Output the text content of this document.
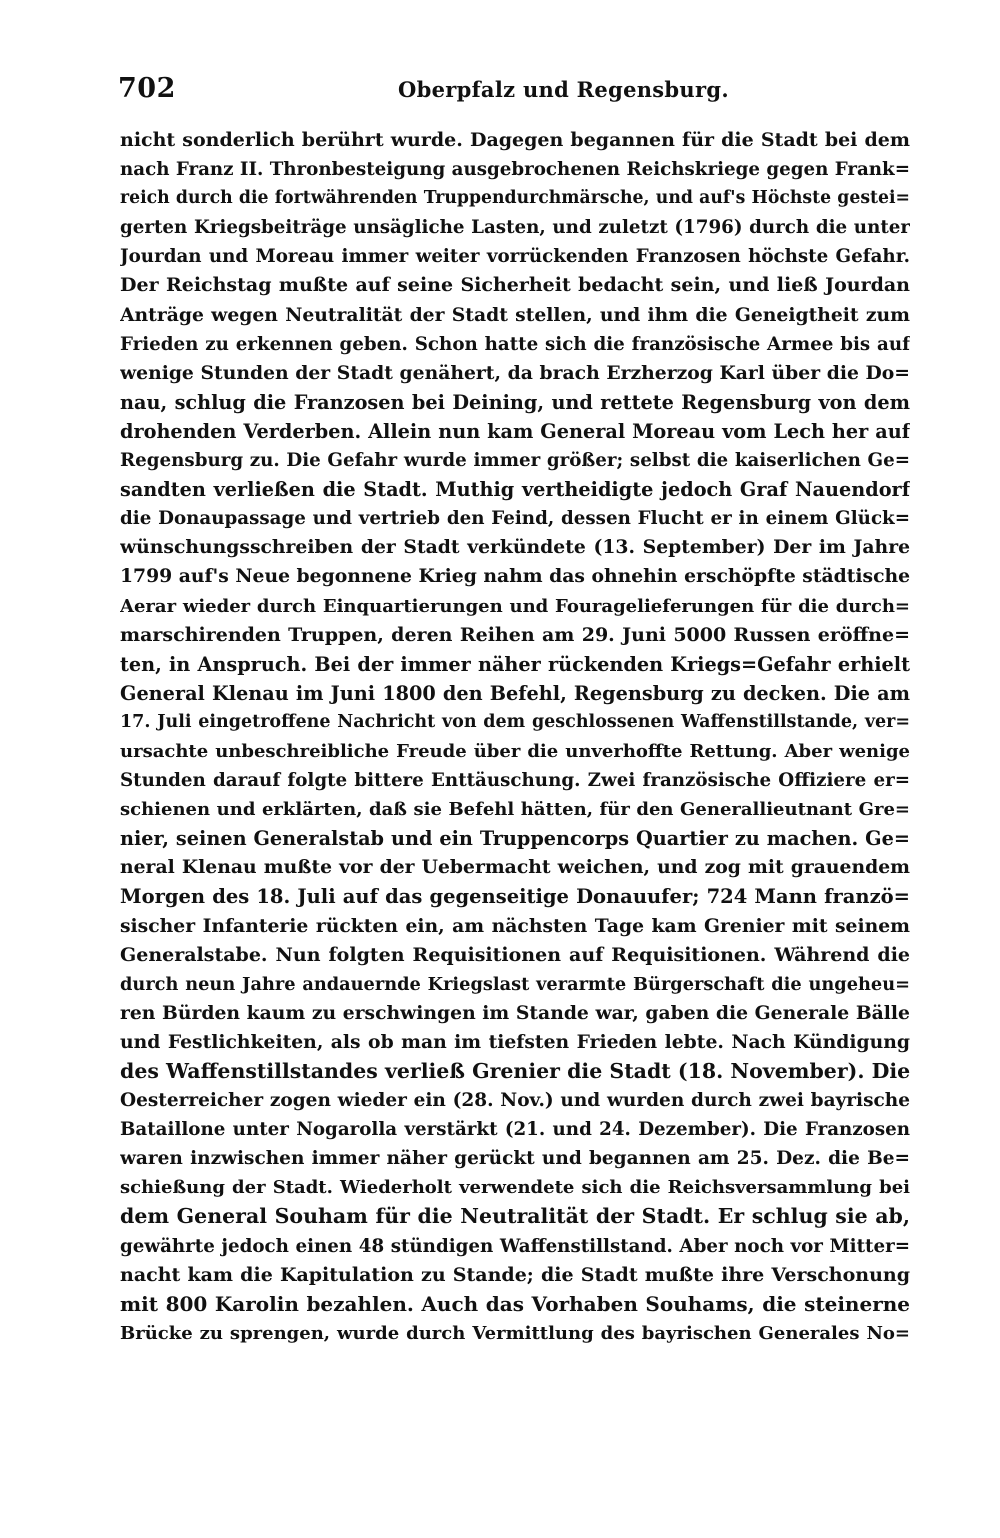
702	Oberpfalz und Regensburg.
nicht sonderlich berührt wurde. Dagegen begannen für die Stadt bei dem
nach Franz II. Thronbesteigung ausgebrochenen Reichskriege gegen Frank=
reich durch die fortwährenden Truppendurchmärsche, und auf's Höchste gestei=
gerten Kriegsbeiträge unsägliche Lasten, und zuletzt (1796) durch die unter
Jourdan und Moreau immer weiter vorrückenden Franzosen höchste Gefahr.
Der Reichstag mußte auf seine Sicherheit bedacht sein, und ließ Jourdan
Anträge wegen Neutralität der Stadt stellen, und ihm die Geneigtheit zum
Frieden zu erkennen geben. Schon hatte sich die französische Armee bis auf
wenige Stunden der Stadt genähert, da brach Erzherzog Karl über die Do=
nau, schlug die Franzosen bei Deining, und rettete Regensburg von dem
drohenden Verderben. Allein nun kam General Moreau vom Lech her auf
Regensburg zu. Die Gefahr wurde immer größer; selbst die kaiserlichen Ge=
sandten verließen die Stadt. Muthig vertheidigte jedoch Graf Nauendorf
die Donaupassage und vertrieb den Feind, dessen Flucht er in einem Glück=
wünschungsschreiben der Stadt verkündete (13. September) Der im Jahre
1799 auf's Neue begonnene Krieg nahm das ohnehin erschöpfte städtische
Aerar wieder durch Einquartierungen und Fouragelieferungen für die durch=
marschirenden Truppen, deren Reihen am 29. Juni 5000 Russen eröffne=
ten, in Anspruch. Bei der immer näher rückenden Kriegs=Gefahr erhielt
General Klenau im Juni 1800 den Befehl, Regensburg zu decken. Die am
17. Juli eingetroffene Nachricht von dem geschlossenen Waffenstillstande, ver=
ursachte unbeschreibliche Freude über die unverhoffte Rettung. Aber wenige
Stunden darauf folgte bittere Enttäuschung. Zwei französische Offiziere er=
schienen und erklärten, daß sie Befehl hätten, für den Generallieutnant Gre=
nier, seinen Generalstab und ein Truppencorps Quartier zu machen. Ge=
neral Klenau mußte vor der Uebermacht weichen, und zog mit grauendem
Morgen des 18. Juli auf das gegenseitige Donauufer; 724 Mann franzö=
sischer Infanterie rückten ein, am nächsten Tage kam Grenier mit seinem
Generalstabe. Nun folgten Requisitionen auf Requisitionen. Während die
durch neun Jahre andauernde Kriegslast verarmte Bürgerschaft die ungeheu=
ren Bürden kaum zu erschwingen im Stande war, gaben die Generale Bälle
und Festlichkeiten, als ob man im tiefsten Frieden lebte. Nach Kündigung
des Waffenstillstandes verließ Grenier die Stadt (18. November). Die
Oesterreicher zogen wieder ein (28. Nov.) und wurden durch zwei bayrische
Bataillone unter Nogarolla verstärkt (21. und 24. Dezember). Die Franzosen
waren inzwischen immer näher gerückt und begannen am 25. Dez. die Be=
schießung der Stadt. Wiederholt verwendete sich die Reichsversammlung bei
dem General Souham für die Neutralität der Stadt. Er schlug sie ab,
gewährte jedoch einen 48 stündigen Waffenstillstand. Aber noch vor Mitter=
nacht kam die Kapitulation zu Stande; die Stadt mußte ihre Verschonung
mit 800 Karolin bezahlen. Auch das Vorhaben Souhams, die steinerne
Brücke zu sprengen, wurde durch Vermittlung des bayrischen Generales No=
